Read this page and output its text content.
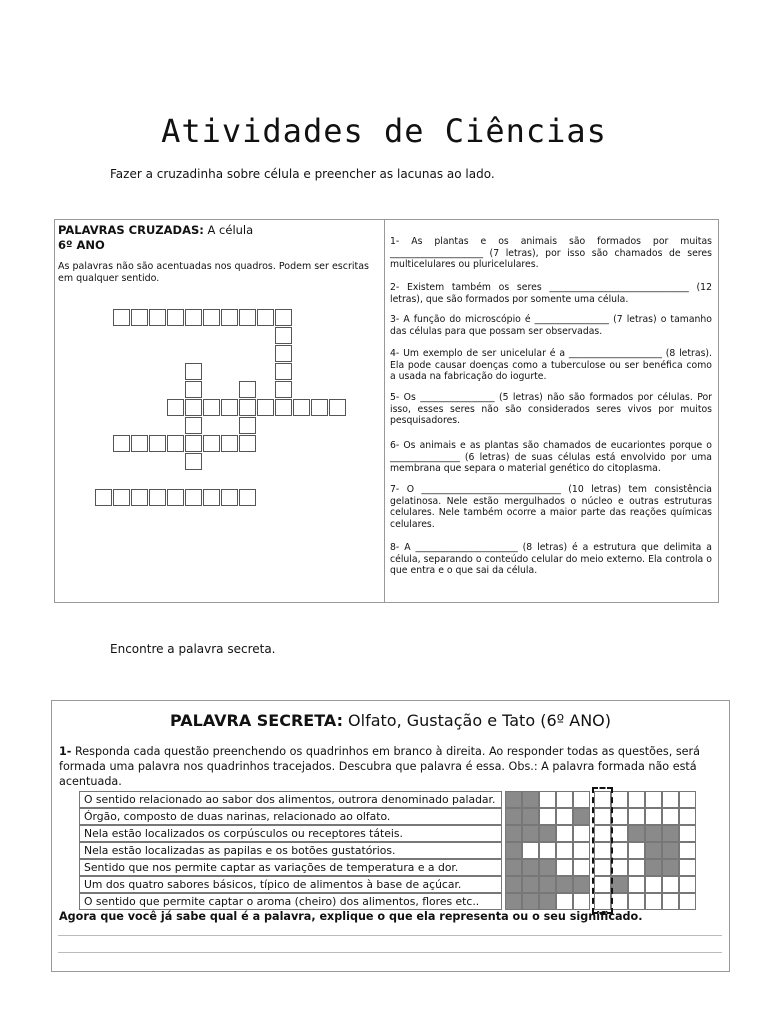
Atividades de Ciências
Fazer a cruzadinha sobre célula e preencher as lacunas ao lado.
PALAVRAS CRUZADAS: A célula
6º ANO
As palavras não são acentuadas nos quadros. Podem ser escritas em qualquer sentido.
1- As plantas e os animais são formados por muitas ____________________ (7 letras), por isso são chamados de seres multicelulares ou pluricelulares.
2- Existem também os seres ______________________________ (12 letras), que são formados por somente uma célula.
3- A função do microscópio é ________________ (7 letras) o tamanho das células para que possam ser observadas.
4- Um exemplo de ser unicelular é a ____________________ (8 letras). Ela pode causar doenças como a tuberculose ou ser benéfica como a usada na fabricação do iogurte.
5- Os ________________ (5 letras) não são formados por células. Por isso, esses seres não são considerados seres vivos por muitos pesquisadores.
6- Os animais e as plantas são chamados de eucariontes porque o _______________ (6 letras) de suas células está envolvido por uma membrana que separa o material genético do citoplasma.
7- O ______________________________ (10 letras) tem consistência gelatinosa. Nele estão mergulhados o núcleo e outras estruturas celulares. Nele também ocorre a maior parte das reações químicas celulares.
8- A ______________________ (8 letras) é a estrutura que delimita a célula, separando o conteúdo celular do meio externo. Ela controla o que entra e o que sai da célula.
Encontre a palavra secreta.
PALAVRA SECRETA: Olfato, Gustação e Tato (6º ANO)
1- Responda cada questão preenchendo os quadrinhos em branco à direita. Ao responder todas as questões, será formada uma palavra nos quadrinhos tracejados. Descubra que palavra é essa. Obs.: A palavra formada não está acentuada.
O sentido relacionado ao sabor dos alimentos, outrora denominado paladar.
Órgão, composto de duas narinas, relacionado ao olfato.
Nela estão localizados os corpúsculos ou receptores táteis.
Nela estão localizadas as papilas e os botões gustatórios.
Sentido que nos permite captar as variações de temperatura e a dor.
Um dos quatro sabores básicos, típico de alimentos à base de açúcar.
O sentido que permite captar o aroma (cheiro) dos alimentos, flores etc..
Agora que você já sabe qual é a palavra, explique o que ela representa ou o seu significado.
